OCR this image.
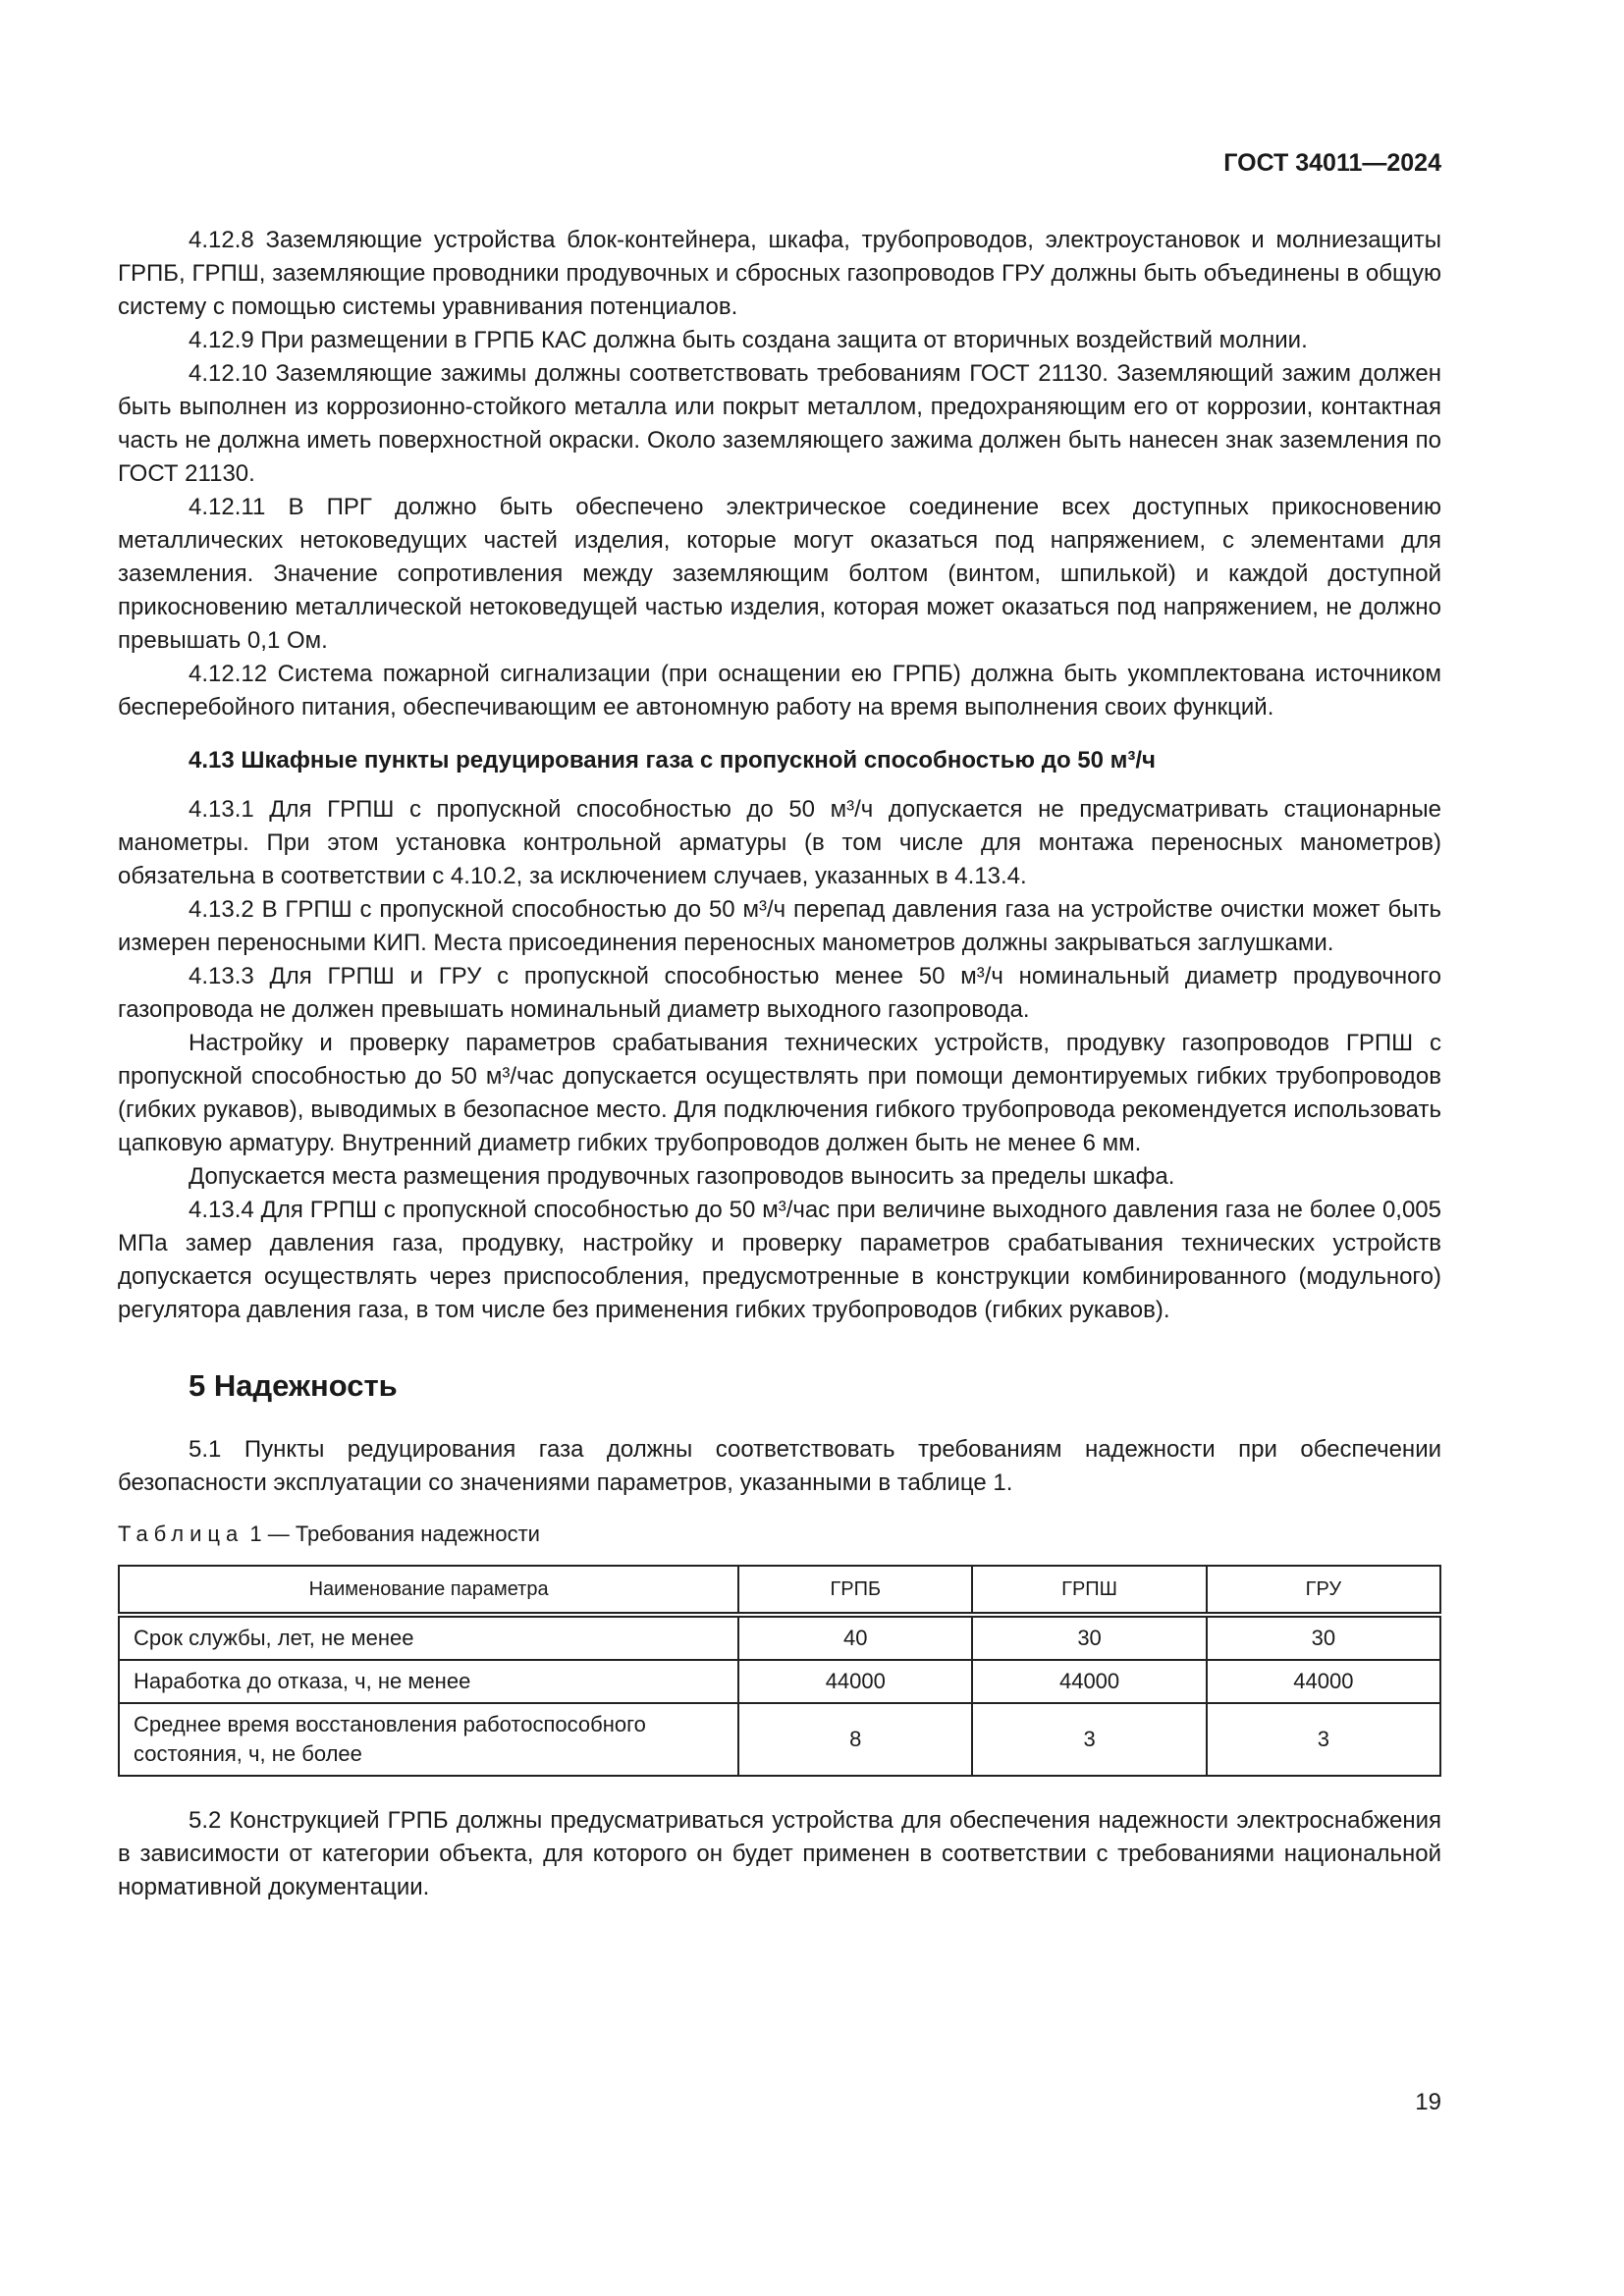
ГОСТ 34011—2024

4.12.8 Заземляющие устройства блок-контейнера, шкафа, трубопроводов, электроустановок и молниезащиты ГРПБ, ГРПШ, заземляющие проводники продувочных и сбросных газопроводов ГРУ должны быть объединены в общую систему с помощью системы уравнивания потенциалов.

4.12.9 При размещении в ГРПБ КАС должна быть создана защита от вторичных воздействий молнии.

4.12.10 Заземляющие зажимы должны соответствовать требованиям ГОСТ 21130. Заземляющий зажим должен быть выполнен из коррозионно-стойкого металла или покрыт металлом, предохраняющим его от коррозии, контактная часть не должна иметь поверхностной окраски. Около заземляющего зажима должен быть нанесен знак заземления по ГОСТ 21130.

4.12.11 В ПРГ должно быть обеспечено электрическое соединение всех доступных прикосновению металлических нетоковедущих частей изделия, которые могут оказаться под напряжением, с элементами для заземления. Значение сопротивления между заземляющим болтом (винтом, шпилькой) и каждой доступной прикосновению металлической нетоковедущей частью изделия, которая может оказаться под напряжением, не должно превышать 0,1 Ом.

4.12.12 Система пожарной сигнализации (при оснащении ею ГРПБ) должна быть укомплектована источником бесперебойного питания, обеспечивающим ее автономную работу на время выполнения своих функций.

4.13 Шкафные пункты редуцирования газа с пропускной способностью до 50 м³/ч

4.13.1 Для ГРПШ с пропускной способностью до 50 м³/ч допускается не предусматривать стационарные манометры. При этом установка контрольной арматуры (в том числе для монтажа переносных манометров) обязательна в соответствии с 4.10.2, за исключением случаев, указанных в 4.13.4.

4.13.2 В ГРПШ с пропускной способностью до 50 м³/ч перепад давления газа на устройстве очистки может быть измерен переносными КИП. Места присоединения переносных манометров должны закрываться заглушками.

4.13.3 Для ГРПШ и ГРУ с пропускной способностью менее 50 м³/ч номинальный диаметр продувочного газопровода не должен превышать номинальный диаметр выходного газопровода.

Настройку и проверку параметров срабатывания технических устройств, продувку газопроводов ГРПШ с пропускной способностью до 50 м³/час допускается осуществлять при помощи демонтируемых гибких трубопроводов (гибких рукавов), выводимых в безопасное место. Для подключения гибкого трубопровода рекомендуется использовать цапковую арматуру. Внутренний диаметр гибких трубопроводов должен быть не менее 6 мм.

Допускается места размещения продувочных газопроводов выносить за пределы шкафа.

4.13.4 Для ГРПШ с пропускной способностью до 50 м³/час при величине выходного давления газа не более 0,005 МПа замер давления газа, продувку, настройку и проверку параметров срабатывания технических устройств допускается осуществлять через приспособления, предусмотренные в конструкции комбинированного (модульного) регулятора давления газа, в том числе без применения гибких трубопроводов (гибких рукавов).

5 Надежность

5.1 Пункты редуцирования газа должны соответствовать требованиям надежности при обеспечении безопасности эксплуатации со значениями параметров, указанными в таблице 1.

Таблица 1 — Требования надежности
Наименование параметра	ГРПБ	ГРПШ	ГРУ
Срок службы, лет, не менее	40	30	30
Наработка до отказа, ч, не менее	44000	44000	44000
Среднее время восстановления работоспособного состояния, ч, не более	8	3	3

5.2 Конструкцией ГРПБ должны предусматриваться устройства для обеспечения надежности электроснабжения в зависимости от категории объекта, для которого он будет применен в соответствии с требованиями национальной нормативной документации.

19
